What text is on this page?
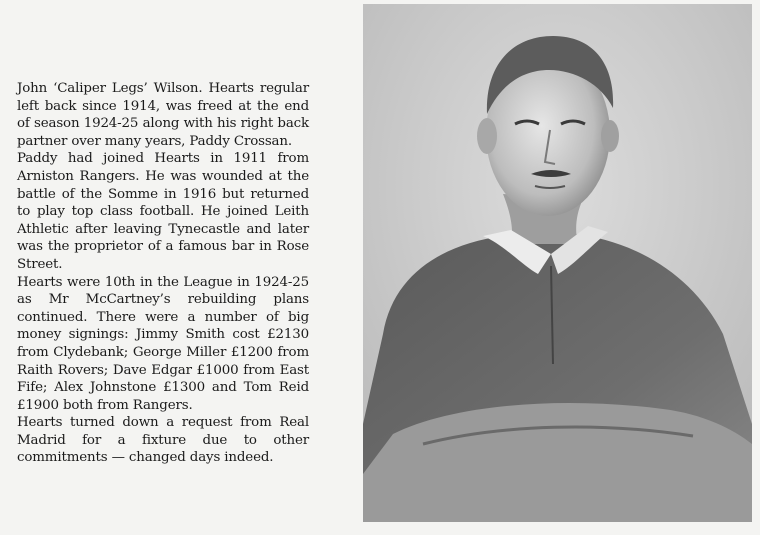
John ‘Caliper Legs’ Wilson. Hearts regular left back since 1914, was freed at the end of season 1924-25 along with his right back partner over many years, Paddy Crossan.

Paddy had joined Hearts in 1911 from Arniston Rangers. He was wounded at the battle of the Somme in 1916 but returned to play top class football. He joined Leith Athletic after leaving Tynecastle and later was the proprietor of a famous bar in Rose Street.

Hearts were 10th in the League in 1924-25 as Mr McCartney’s rebuilding plans continued. There were a number of big money signings: Jimmy Smith cost £2130 from Clydebank; George Miller £1200 from Raith Rovers; Dave Edgar £1000 from East Fife; Alex Johnstone £1300 and Tom Reid £1900 both from Rangers.

Hearts turned down a request from Real Madrid for a fixture due to other commitments — changed days indeed.
